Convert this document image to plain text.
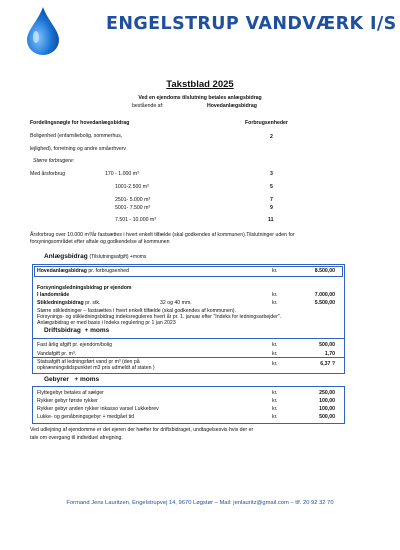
ENGELSTRUP VANDVÆRK I/S
Takstblad 2025
Ved en ejendoms tilslutning betales anlægsbidrag
bestående af:	Hovedanlægsbidrag
Fordelingsnøgle for hovedanlægsbidrag	Forbrugsenheder
Boligenhed (enfamiliebolig, sommerhus,	2
lejlighed), forretning og andre småerhverv
Større forbrugere:
Med årsforbrug	170 - 1.000 m³	3
1001-2.500 m³	5
2501- 5.000 m³	7
5001- 7.500 m³	9
7.501 - 10.000 m³	11
Årsforbrug over 10.000 m³/år fastsættes i hvert enkelt tilfælde (skal godkendes af kommunen).Tilslutninger uden for
forsyningsområdet efter aftale og godkendelse af kommunen
Anlægsbidrag (Tilslutningsafgift) +moms
Hovedanlægsbidrag pr. forbrugsenhed	kr.	8.500,00
Forsyningsledningsbidrag pr ejendom
I landområde	kr.	7.000,00
Stikledningsbidrag pr. stk.	32 og 40 mm.	kr.	5.500,00
Større stikledninger – fastsættes i hvert enkelt tilfælde (skal godkendes af kommunen).
Forsynings- og stikledningsbidrag indeksreguleres hvert år pr. 1. januar efter "Indeks for ledningsarbejder".
Anlægsbidrag er med basis i Indeks regulering pr 1 jan 2023
Driftsbidrag + moms
Fast årlig afgift pr. ejendom/bolig	kr.	500,00
Vandafgift pr. m³.	kr.	1,70
Statsafgift af ledningsført vand pr m³ (den på	kr.	6,37 ?
opkrævningstidspunktet m3 pris udmeldt af staten )
Gebyrer + moms
Flyttegebyr betales af sælger	kr.	250,00
Rykker gebyr første rykker	kr.	100,00
Rykker gebyr anden rykker inkasso varsel Lukkebrev	kr.	100,00
Lukke- og genåbningsgebyr + medgået tid	kr.	500,00
Ved udlejning af ejendomme er det ejeren der hæfter for driftsbidraget, undtagelsesvis hvis der er
tale om overgang til individuel afregning.
Formand Jens Lauritzen, Engelstrupvej 14, 9670 Løgstør – Mail: jenlauritz@gmail.com – tlf. 20 92 32 70
